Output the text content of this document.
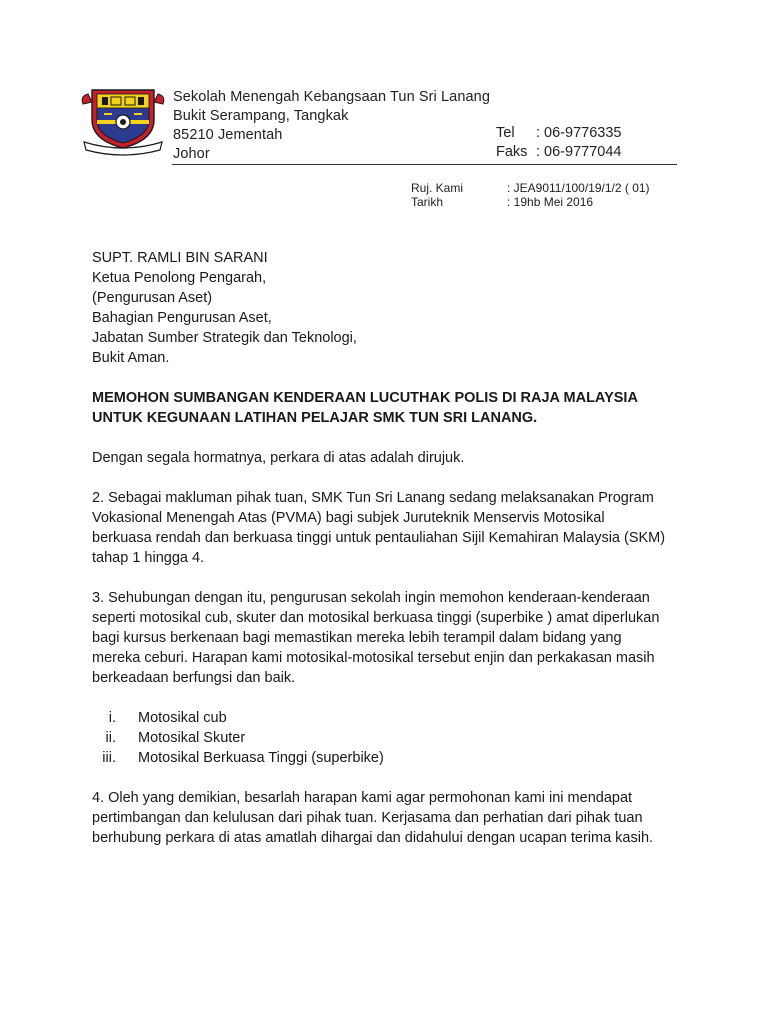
Sekolah Menengah Kebangsaan Tun Sri Lanang
Bukit Serampang, Tangkak
85210 Jementah
Johor
Tel : 06-9776335
Faks : 06-9777044
Ruj. Kami	: JEA9011/100/19/1/2 ( 01)
Tarikh	: 19hb Mei 2016
SUPT. RAMLI BIN SARANI
Ketua Penolong Pengarah,
(Pengurusan Aset)
Bahagian Pengurusan Aset,
Jabatan Sumber Strategik dan Teknologi,
Bukit Aman.
MEMOHON SUMBANGAN KENDERAAN LUCUTHAK POLIS DI RAJA MALAYSIA
UNTUK KEGUNAAN LATIHAN PELAJAR SMK TUN SRI LANANG.

Dengan segala hormatnya, perkara di atas adalah dirujuk.

2. Sebagai makluman pihak tuan, SMK Tun Sri Lanang sedang melaksanakan Program
Vokasional Menengah Atas (PVMA) bagi subjek Juruteknik Menservis Motosikal
berkuasa rendah dan berkuasa tinggi untuk pentauliahan Sijil Kemahiran Malaysia (SKM)
tahap 1 hingga 4.

3. Sehubungan dengan itu, pengurusan sekolah ingin memohon kenderaan-kenderaan
seperti motosikal cub, skuter dan motosikal berkuasa tinggi (superbike ) amat diperlukan
bagi kursus berkenaan bagi memastikan mereka lebih terampil dalam bidang yang
mereka ceburi. Harapan kami motosikal-motosikal tersebut enjin dan perkakasan masih
berkeadaan berfungsi dan baik.

i. Motosikal cub
ii. Motosikal Skuter
iii. Motosikal Berkuasa Tinggi (superbike)

4. Oleh yang demikian, besarlah harapan kami agar permohonan kami ini mendapat
pertimbangan dan kelulusan dari pihak tuan. Kerjasama dan perhatian dari pihak tuan
berhubung perkara di atas amatlah dihargai dan didahului dengan ucapan terima kasih.
